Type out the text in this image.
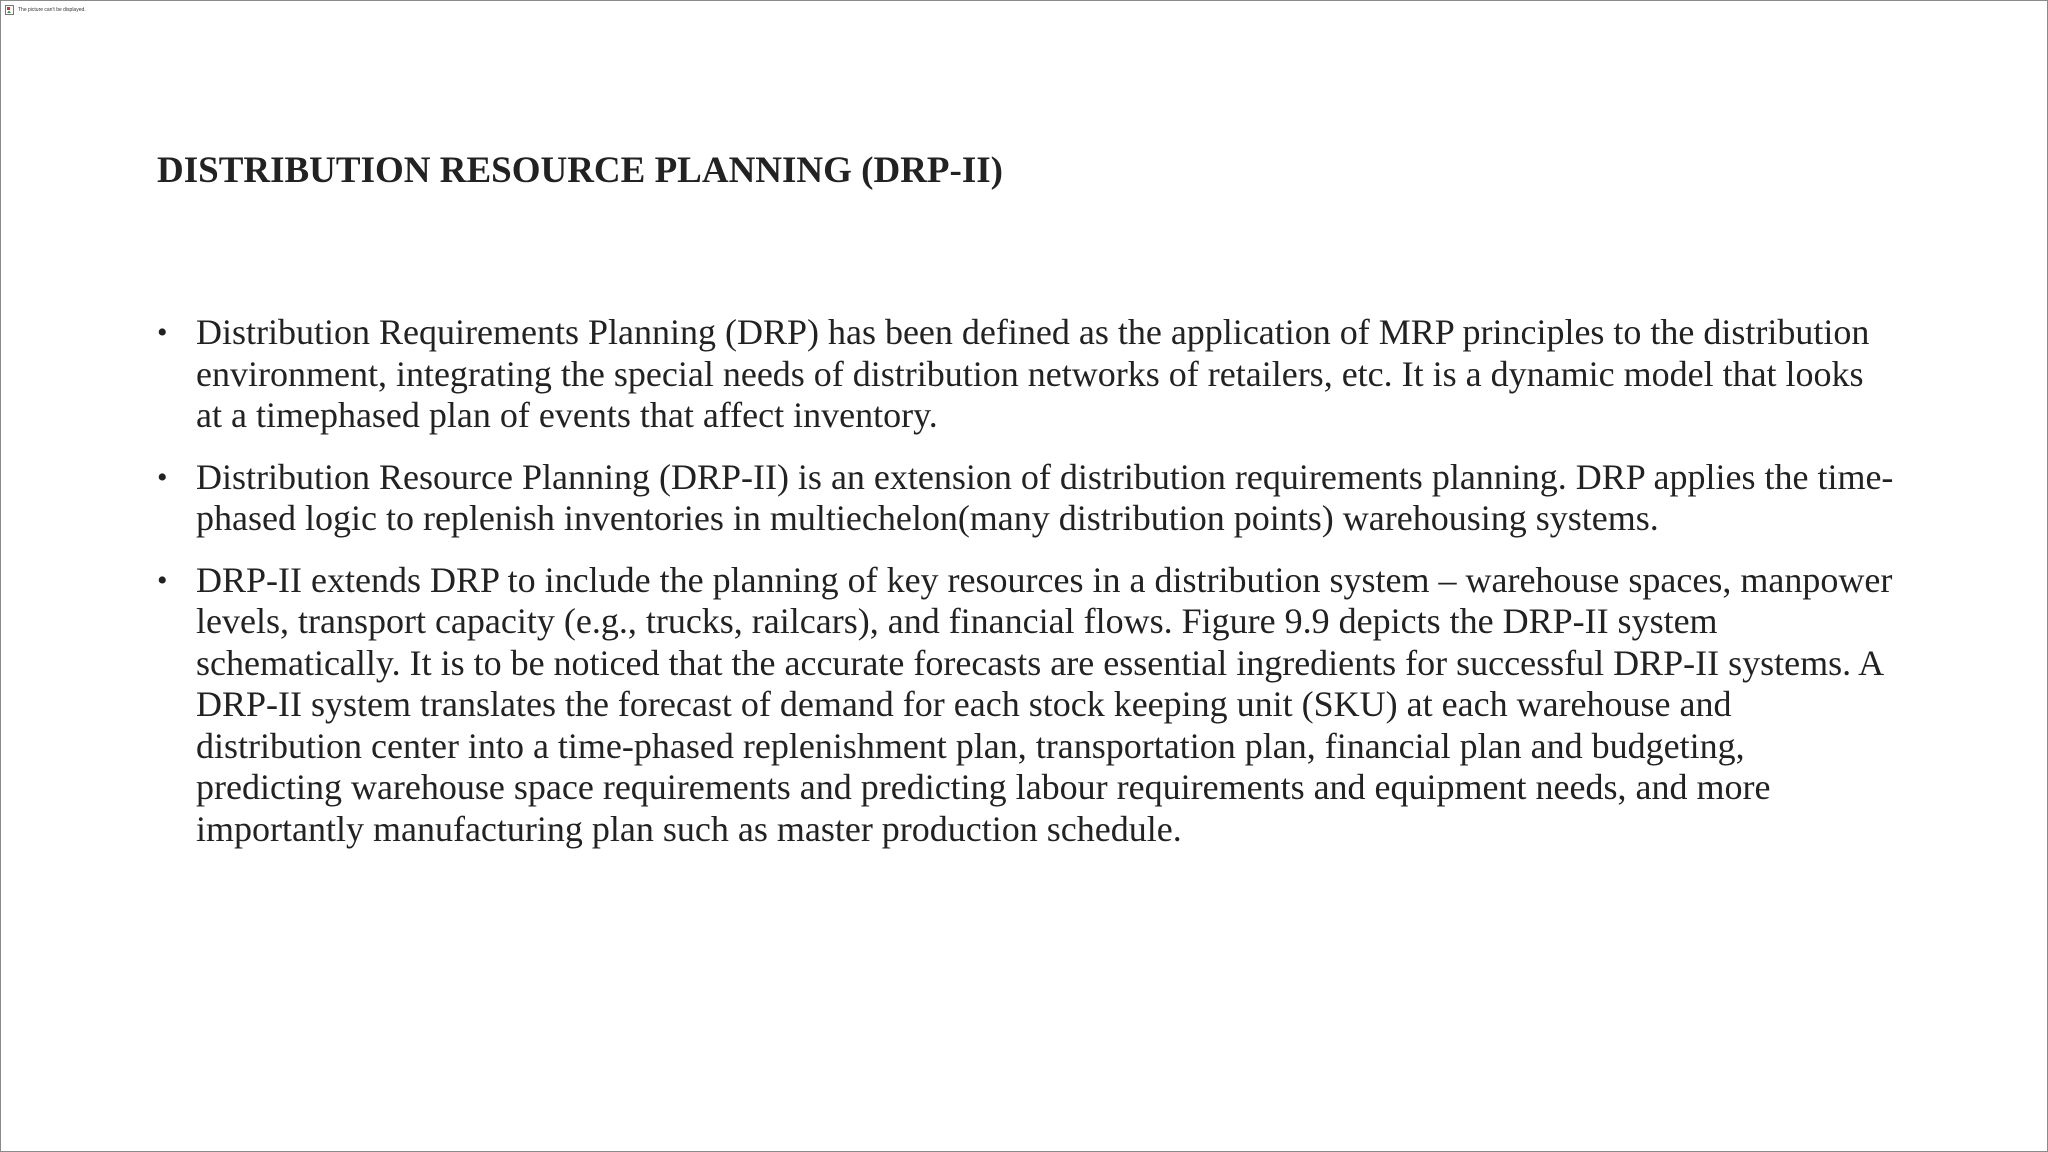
The picture can't be displayed.
DISTRIBUTION RESOURCE PLANNING (DRP-II)
• Distribution Requirements Planning (DRP) has been defined as the application of MRP principles to the distribution environment, integrating the special needs of distribution networks of retailers, etc. It is a dynamic model that looks at a timephased plan of events that affect inventory.
• Distribution Resource Planning (DRP-II) is an extension of distribution requirements planning. DRP applies the time-phased logic to replenish inventories in multiechelon(many distribution points) warehousing systems.
• DRP-II extends DRP to include the planning of key resources in a distribution system – warehouse spaces, manpower levels, transport capacity (e.g., trucks, railcars), and financial flows. Figure 9.9 depicts the DRP-II system schematically. It is to be noticed that the accurate forecasts are essential ingredients for successful DRP-II systems. A DRP-II system translates the forecast of demand for each stock keeping unit (SKU) at each warehouse and distribution center into a time-phased replenishment plan, transportation plan, financial plan and budgeting, predicting warehouse space requirements and predicting labour requirements and equipment needs, and more importantly manufacturing plan such as master production schedule.
